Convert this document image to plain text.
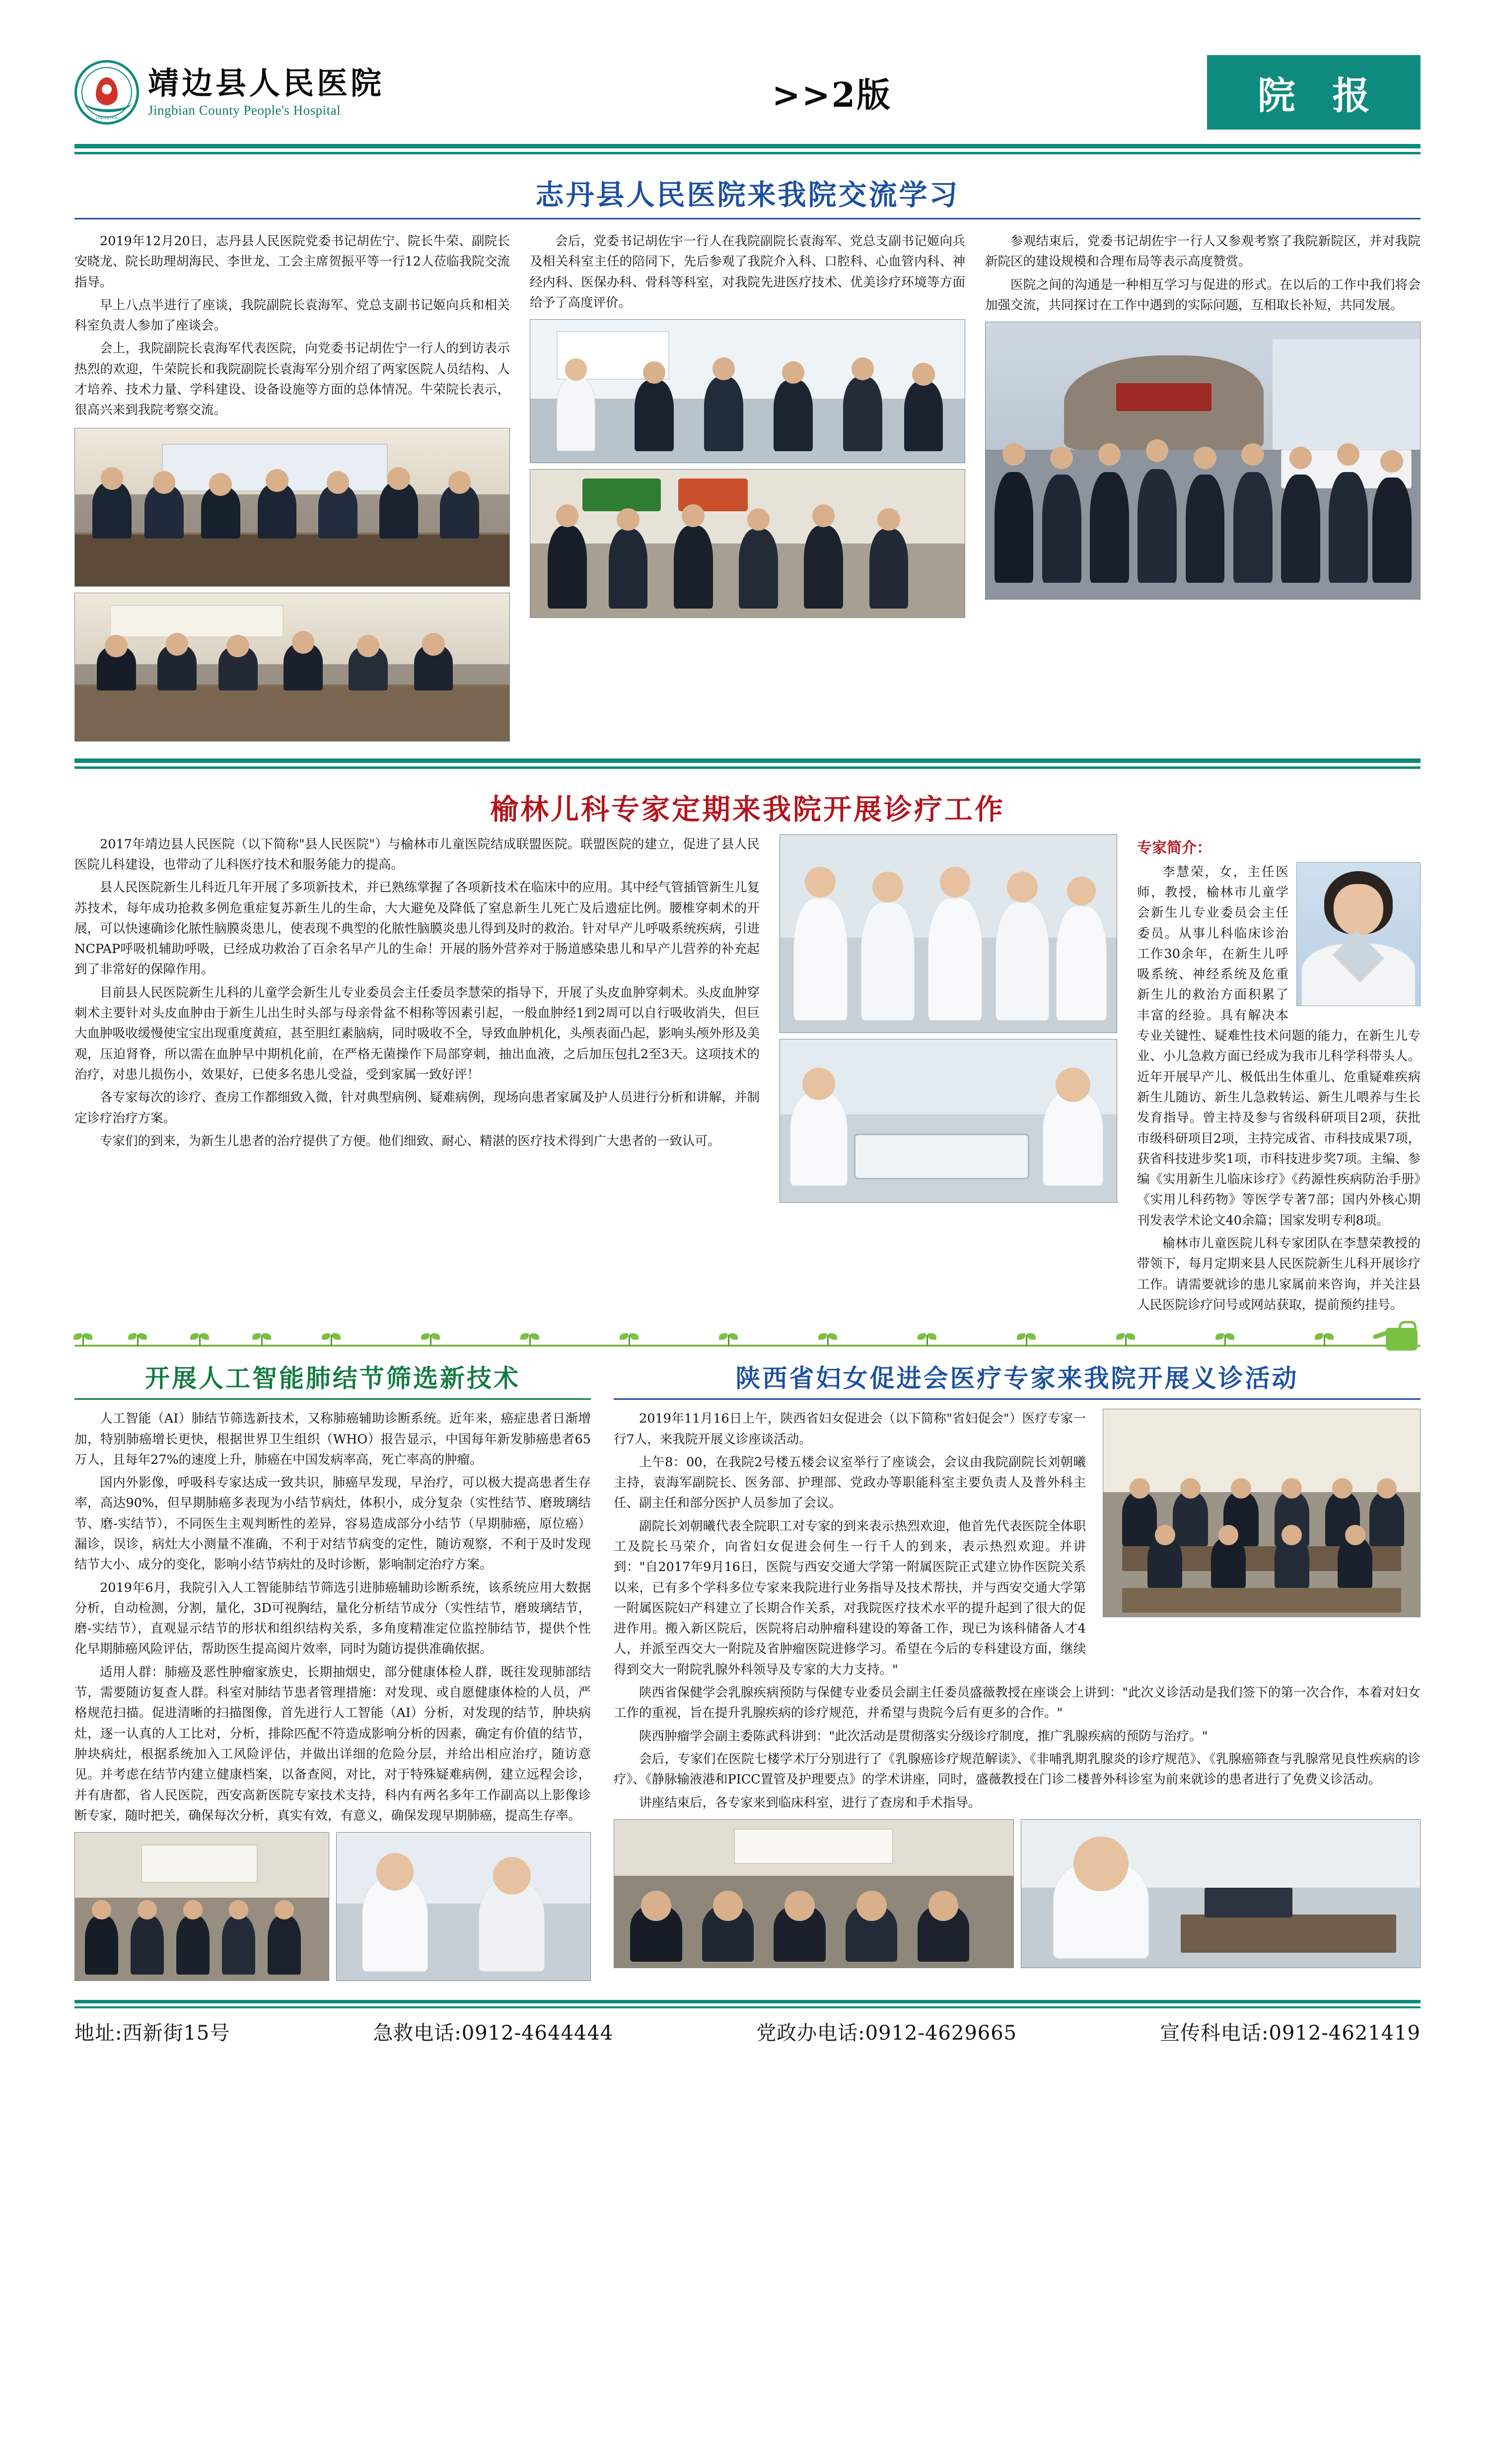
JINGBIAN
靖边县人民医院
Jingbian County People's Hospital	>>2版	院 报
志丹县人民医院来我院交流学习

2019年12月20日，志丹县人民医院党委书记胡佐宁、院长牛荣、副院长安晓龙、院长助理胡海民、李世龙、工会主席贺振平等一行12人莅临我院交流指导。

早上八点半进行了座谈，我院副院长袁海军、党总支副书记姬向兵和相关科室负责人参加了座谈会。

会上，我院副院长袁海军代表医院，向党委书记胡佐宁一行人的到访表示热烈的欢迎，牛荣院长和我院副院长袁海军分别介绍了两家医院人员结构、人才培养、技术力量、学科建设、设备设施等方面的总体情况。牛荣院长表示，很高兴来到我院考察交流。

会后，党委书记胡佐宇一行人在我院副院长袁海军、党总支副书记姬向兵及相关科室主任的陪同下，先后参观了我院介入科、口腔科、心血管内科、神经内科、医保办科、骨科等科室，对我院先进医疗技术、优美诊疗环境等方面给予了高度评价。

参观结束后，党委书记胡佐宇一行人又参观考察了我院新院区，并对我院新院区的建设规模和合理布局等表示高度赞赏。

医院之间的沟通是一种相互学习与促进的形式。在以后的工作中我们将会加强交流，共同探讨在工作中遇到的实际问题，互相取长补短，共同发展。

榆林儿科专家定期来我院开展诊疗工作

2017年靖边县人民医院（以下简称"县人民医院"）与榆林市儿童医院结成联盟医院。联盟医院的建立，促进了县人民医院儿科建设，也带动了儿科医疗技术和服务能力的提高。

县人民医院新生儿科近几年开展了多项新技术，并已熟练掌握了各项新技术在临床中的应用。其中经气管插管新生儿复苏技术，每年成功抢救多例危重症复苏新生儿的生命，大大避免及降低了窒息新生儿死亡及后遗症比例。腰椎穿刺术的开展，可以快速确诊化脓性脑膜炎患儿，使表现不典型的化脓性脑膜炎患儿得到及时的救治。针对早产儿呼吸系统疾病，引进NCPAP呼吸机辅助呼吸，已经成功救治了百余名早产儿的生命！开展的肠外营养对于肠道感染患儿和早产儿营养的补充起到了非常好的保障作用。

目前县人民医院新生儿科的儿童学会新生儿专业委员会主任委员李慧荣的指导下，开展了头皮血肿穿刺术。头皮血肿穿刺术主要针对头皮血肿由于新生儿出生时头部与母亲骨盆不相称等因素引起，一般血肿经1到2周可以自行吸收消失，但巨大血肿吸收缓慢使宝宝出现重度黄疸，甚至胆红素脑病，同时吸收不全，导致血肿机化，头颅表面凸起，影响头颅外形及美观，压迫肾脊，所以需在血肿早中期机化前，在严格无菌操作下局部穿刺，抽出血液，之后加压包扎2至3天。这项技术的治疗，对患儿损伤小，效果好，已使多名患儿受益，受到家属一致好评！

各专家每次的诊疗、查房工作都细致入微，针对典型病例、疑难病例，现场向患者家属及护人员进行分析和讲解，并制定诊疗治疗方案。

专家们的到来，为新生儿患者的治疗提供了方便。他们细致、耐心、精湛的医疗技术得到广大患者的一致认可。

专家简介：

李慧荣，女，主任医师，教授，榆林市儿童学会新生儿专业委员会主任委员。从事儿科临床诊治工作30余年，在新生儿呼吸系统、神经系统及危重新生儿的救治方面积累了丰富的经验。具有解决本专业关键性、疑难性技术问题的能力，在新生儿专业、小儿急救方面已经成为我市儿科学科带头人。近年开展早产儿、极低出生体重儿、危重疑难疾病新生儿随访、新生儿急救转运、新生儿喂养与生长发育指导。曾主持及参与省级科研项目2项，获批市级科研项目2项，主持完成省、市科技成果7项，获省科技进步奖1项，市科技进步奖7项。主编、参编《实用新生儿临床诊疗》《药源性疾病防治手册》《实用儿科药物》等医学专著7部；国内外核心期刊发表学术论文40余篇；国家发明专利8项。

榆林市儿童医院儿科专家团队在李慧荣教授的带领下，每月定期来县人民医院新生儿科开展诊疗工作。请需要就诊的患儿家属前来咨询，并关注县人民医院诊疗问号或网站获取，提前预约挂号。

开展人工智能肺结节筛选新技术

人工智能（AI）肺结节筛选新技术，又称肺癌辅助诊断系统。近年来，癌症患者日渐增加，特别肺癌增长更快，根据世界卫生组织（WHO）报告显示，中国每年新发肺癌患者65万人，且每年27%的速度上升，肺癌在中国发病率高，死亡率高的肿瘤。

国内外影像，呼吸科专家达成一致共识，肺癌早发现，早治疗，可以极大提高患者生存率，高达90%，但早期肺癌多表现为小结节病灶，体积小，成分复杂（实性结节、磨玻璃结节、磨-实结节），不同医生主观判断性的差异，容易造成部分小结节（早期肺癌，原位癌）漏诊，误诊，病灶大小测量不准确，不利于对结节病变的定性，随访观察，不利于及时发现结节大小、成分的变化，影响小结节病灶的及时诊断，影响制定治疗方案。

2019年6月，我院引入人工智能肺结节筛选引进肺癌辅助诊断系统，该系统应用大数据分析，自动检测，分割，量化，3D可视胸结，量化分析结节成分（实性结节，磨玻璃结节，磨-实结节），直观显示结节的形状和组织结构关系，多角度精准定位监控肺结节，提供个性化早期肺癌风险评估，帮助医生提高阅片效率，同时为随访提供准确依据。

适用人群：肺癌及恶性肿瘤家族史，长期抽烟史，部分健康体检人群，既往发现肺部结节，需要随访复查人群。科室对肺结节患者管理措施：对发现、或自愿健康体检的人员，严格规范扫描。促进清晰的扫描图像，首先进行人工智能（AI）分析，对发现的结节，肿块病灶，逐一认真的人工比对，分析，排除匹配不符造成影响分析的因素，确定有价值的结节，肿块病灶，根据系统加入工风险评估，并做出详细的危险分层，并给出相应治疗，随访意见。并考虑在结节内建立健康档案，以备查阅，对比，对于特殊疑难病例，建立远程会诊，并有唐都，省人民医院，西安高新医院专家技术支持，科内有两名多年工作副高以上影像诊断专家，随时把关，确保每次分析，真实有效，有意义，确保发现早期肺癌，提高生存率。

陕西省妇女促进会医疗专家来我院开展义诊活动

2019年11月16日上午，陕西省妇女促进会（以下简称"省妇促会"）医疗专家一行7人，来我院开展义诊座谈活动。

上午8：00，在我院2号楼五楼会议室举行了座谈会，会议由我院副院长刘朝曦主持，袁海军副院长、医务部、护理部、党政办等职能科室主要负责人及普外科主任、副主任和部分医护人员参加了会议。

副院长刘朝曦代表全院职工对专家的到来表示热烈欢迎，他首先代表医院全体职工及院长马荣介，向省妇女促进会何生一行千人的到来，表示热烈欢迎。并讲到："自2017年9月16日，医院与西安交通大学第一附属医院正式建立协作医院关系以来，已有多个学科多位专家来我院进行业务指导及技术帮扶，并与西安交通大学第一附属医院妇产科建立了长期合作关系，对我院医疗技术水平的提升起到了很大的促进作用。搬入新区院后，医院将启动肿瘤科建设的筹备工作，现已为该科储备人才4人，并派至西交大一附院及省肿瘤医院进修学习。希望在今后的专科建设方面，继续得到交大一附院乳腺外科领导及专家的大力支持。"

陕西省保健学会乳腺疾病预防与保健专业委员会副主任委员盛薇教授在座谈会上讲到："此次义诊活动是我们签下的第一次合作，本着对妇女工作的重视，旨在提升乳腺疾病的诊疗规范，并希望与贵院今后有更多的合作。"

陕西肿瘤学会副主委陈武科讲到："此次活动是贯彻落实分级诊疗制度，推广乳腺疾病的预防与治疗。"

会后，专家们在医院七楼学术厅分别进行了《乳腺癌诊疗规范解读》、《非哺乳期乳腺炎的诊疗规范》、《乳腺癌筛查与乳腺常见良性疾病的诊疗》、《静脉输液港和PICC置管及护理要点》的学术讲座，同时，盛薇教授在门诊二楼普外科诊室为前来就诊的患者进行了免费义诊活动。

讲座结束后，各专家来到临床科室，进行了查房和手术指导。

地址:西新街15号	急救电话:0912-4644444	党政办电话:0912-4629665	宣传科电话:0912-4621419
